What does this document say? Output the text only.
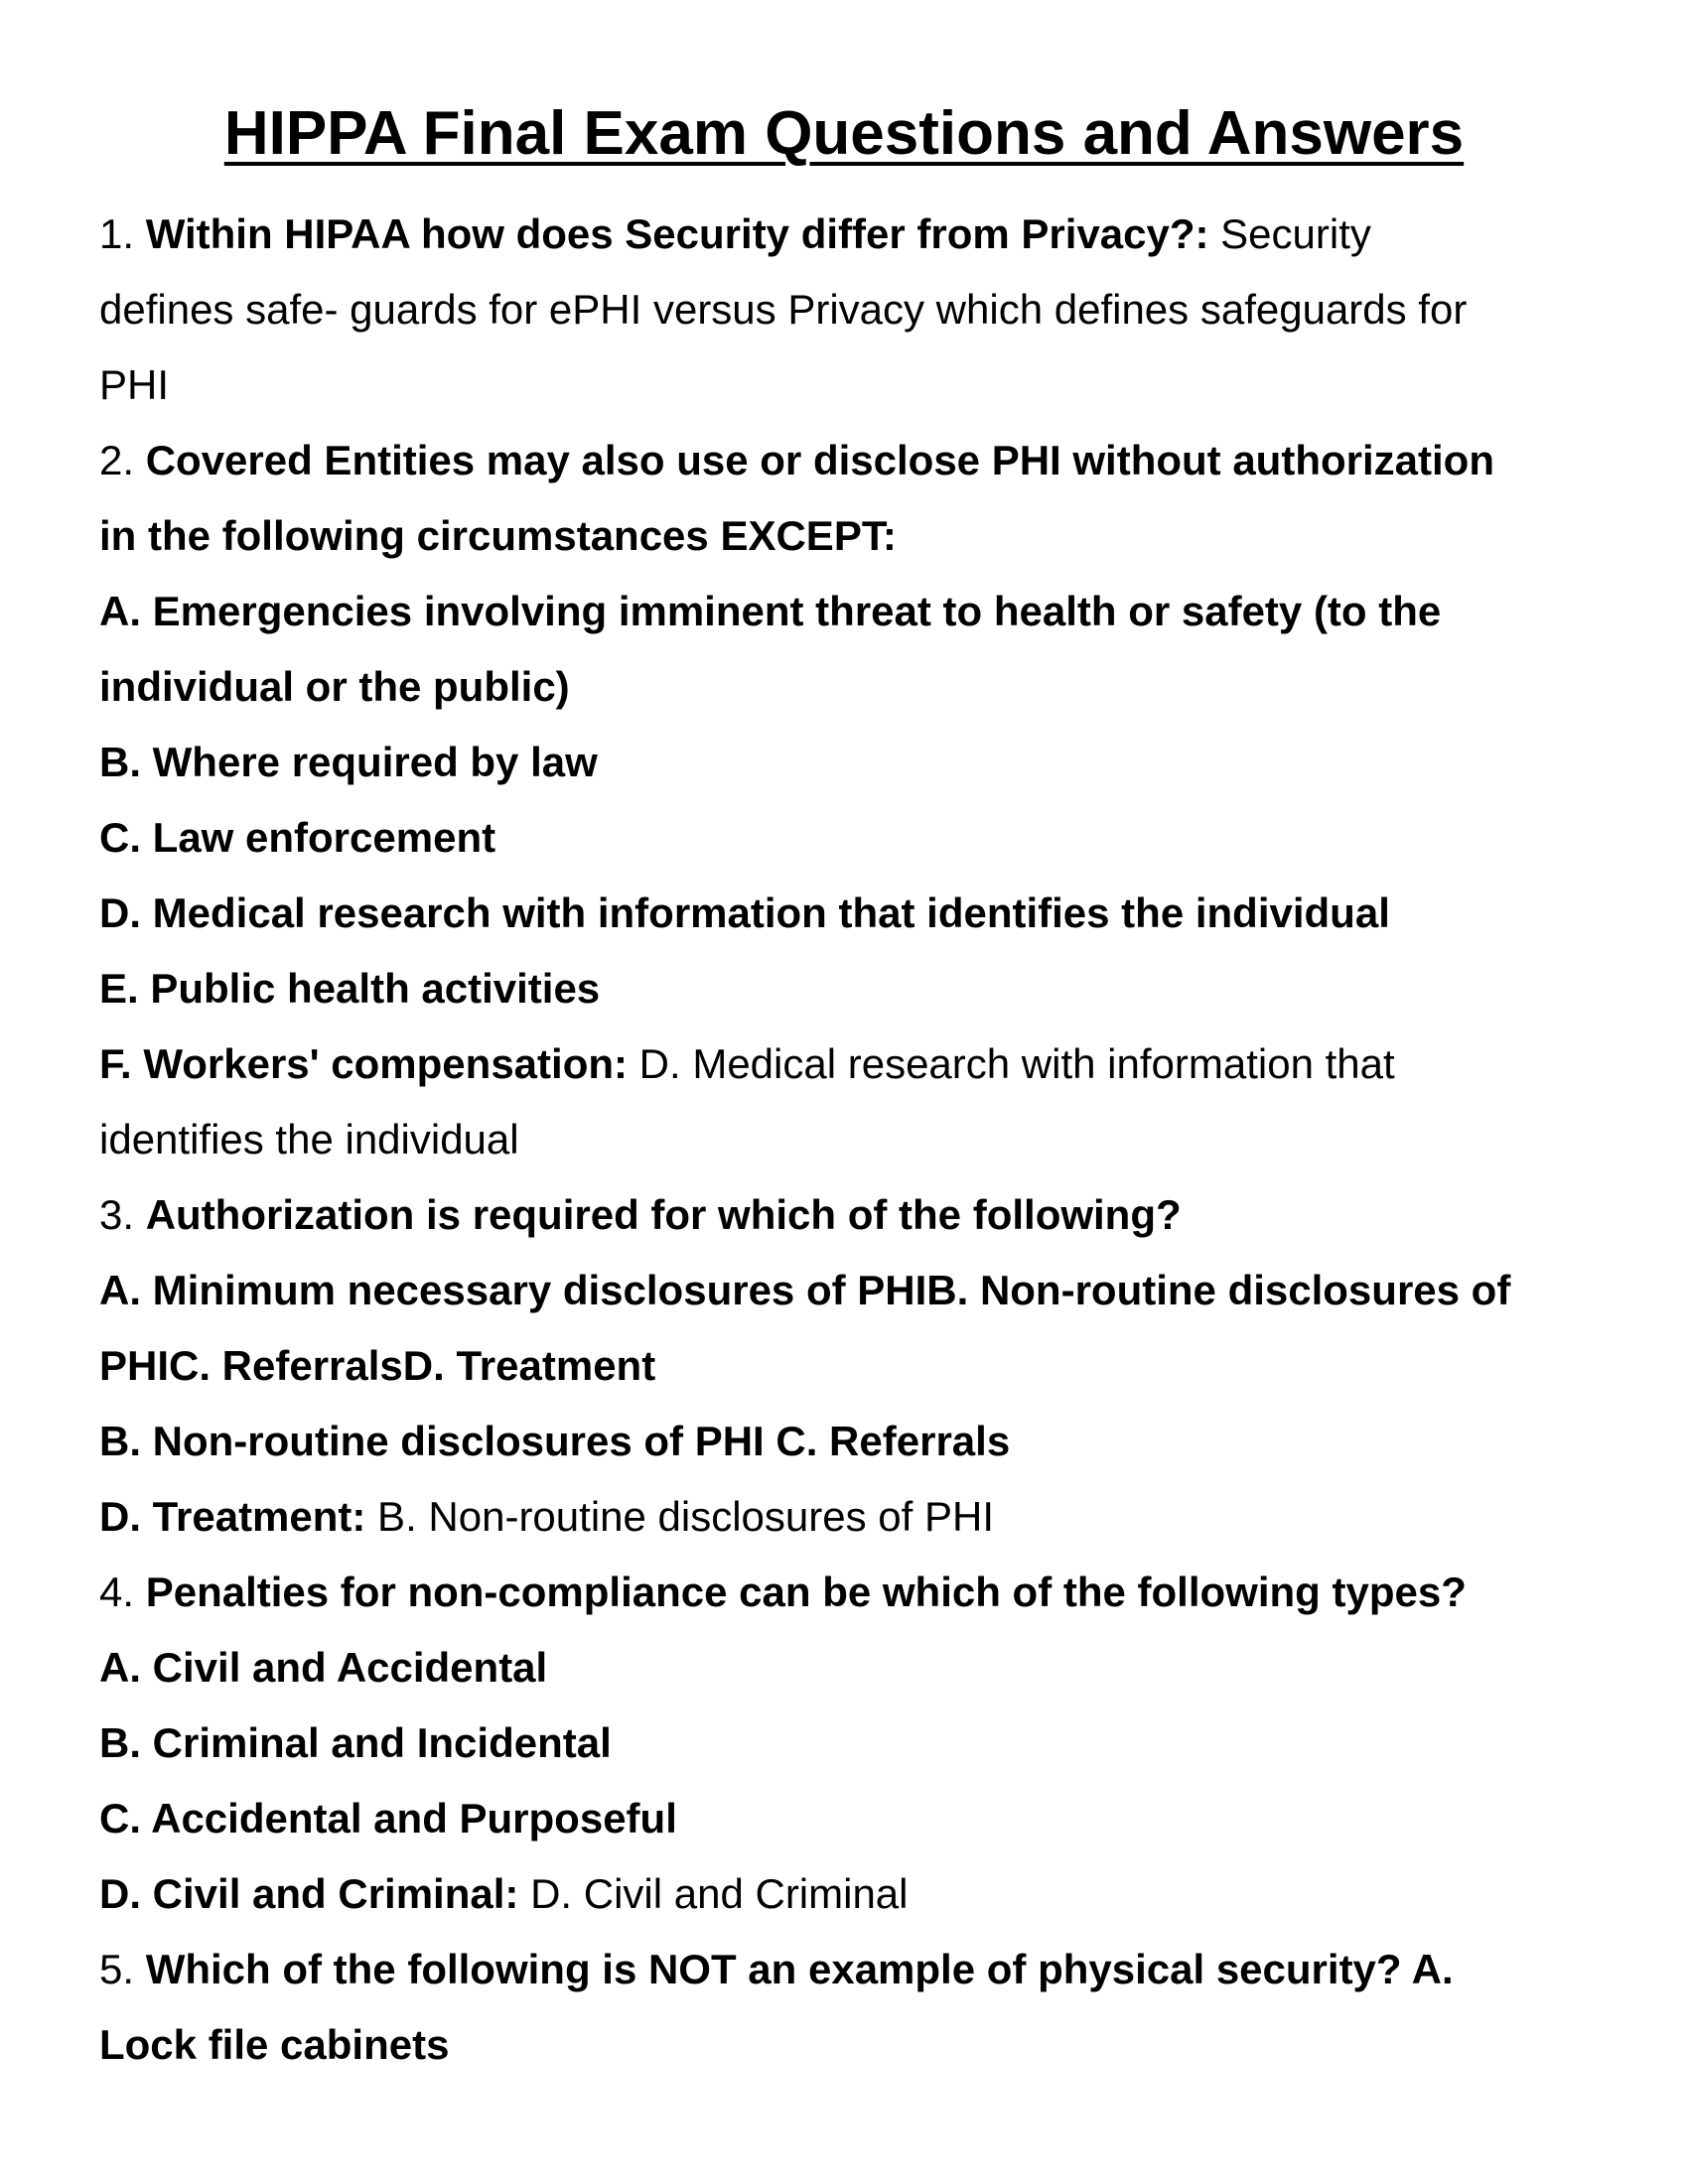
HIPPA Final Exam Questions and Answers
1. Within HIPAA how does Security differ from Privacy?: Security
defines safe- guards for ePHI versus Privacy which defines safeguards for
PHI
2. Covered Entities may also use or disclose PHI without authorization
in the following circumstances EXCEPT:
A. Emergencies involving imminent threat to health or safety (to the
individual or the public)
B. Where required by law
C. Law enforcement
D. Medical research with information that identifies the individual
E. Public health activities
F. Workers' compensation: D. Medical research with information that
identifies the individual
3. Authorization is required for which of the following?
A. Minimum necessary disclosures of PHIB. Non-routine disclosures of
PHIC. ReferralsD. Treatment
B. Non-routine disclosures of PHI C. Referrals
D. Treatment: B. Non-routine disclosures of PHI
4. Penalties for non-compliance can be which of the following types?
A. Civil and Accidental
B. Criminal and Incidental
C. Accidental and Purposeful
D. Civil and Criminal: D. Civil and Criminal
5. Which of the following is NOT an example of physical security? A.
Lock file cabinets
